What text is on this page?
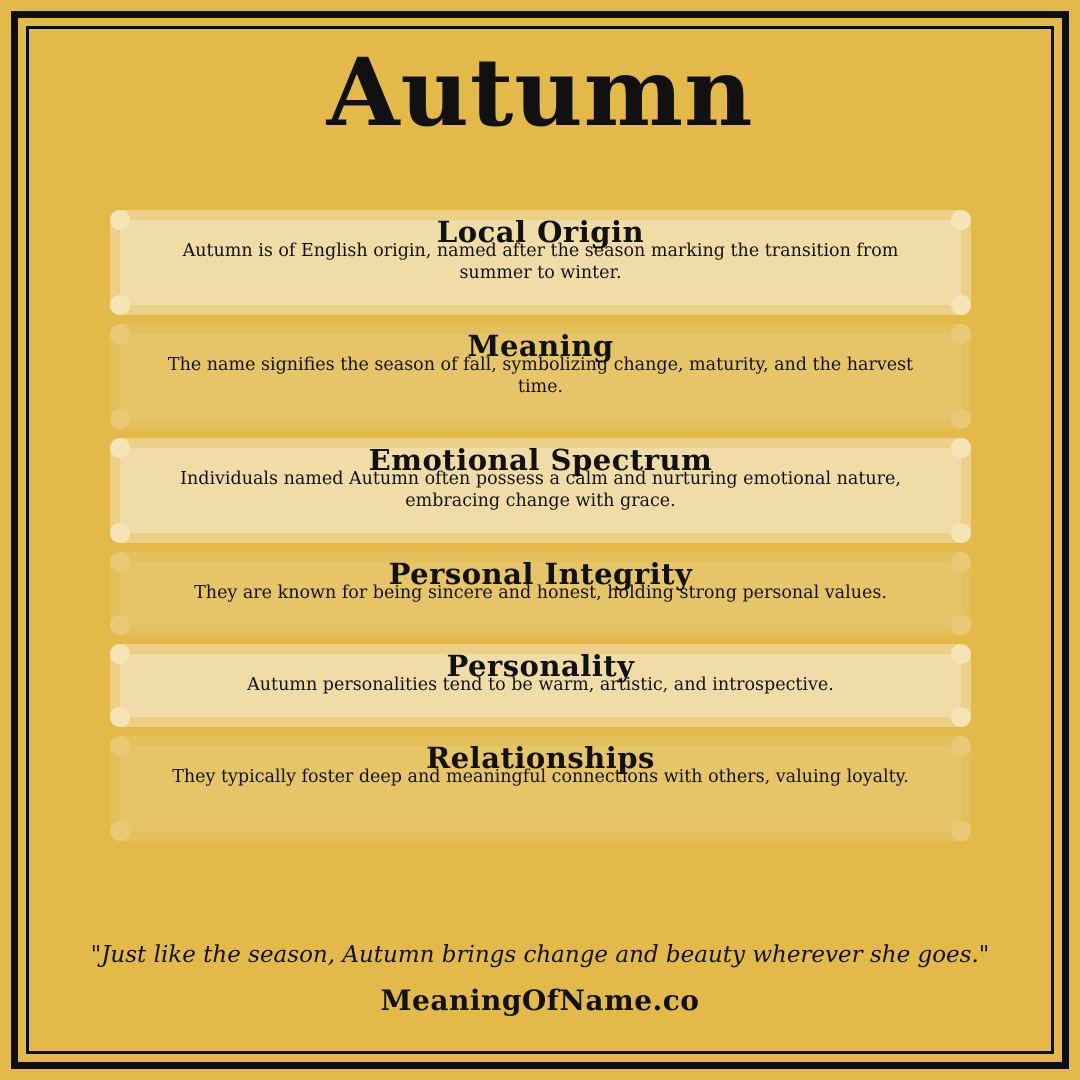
Autumn
Local Origin
Autumn is of English origin, named after the season marking the transition from summer to winter.
Meaning
The name signifies the season of fall, symbolizing change, maturity, and the harvest time.
Emotional Spectrum
Individuals named Autumn often possess a calm and nurturing emotional nature, embracing change with grace.
Personal Integrity
They are known for being sincere and honest, holding strong personal values.
Personality
Autumn personalities tend to be warm, artistic, and introspective.
Relationships
They typically foster deep and meaningful connections with others, valuing loyalty.
"Just like the season, Autumn brings change and beauty wherever she goes."
MeaningOfName.co
